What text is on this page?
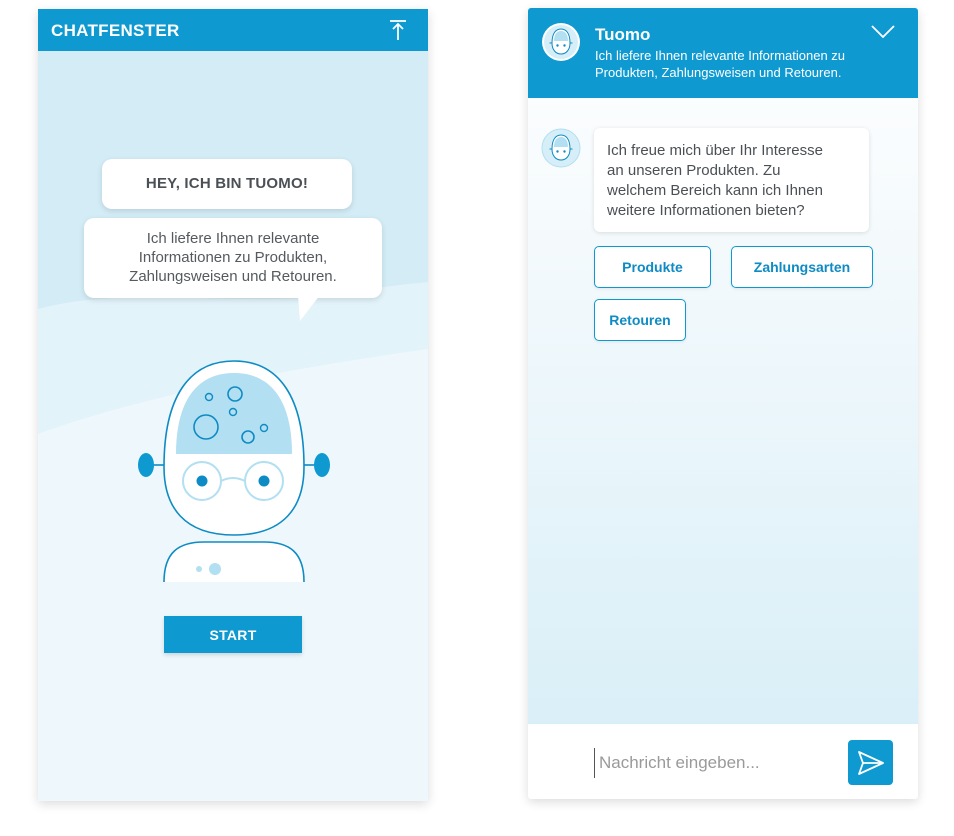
CHATFENSTER
HEY, ICH BIN TUOMO!
Ich liefere Ihnen relevante
Informationen zu Produkten,
Zahlungsweisen und Retouren.
START
Tuomo
Ich liefere Ihnen relevante Informationen zu
Produkten, Zahlungsweisen und Retouren.
Ich freue mich über Ihr Interesse
an unseren Produkten. Zu
welchem Bereich kann ich Ihnen
weitere Informationen bieten?
Produkte	Zahlungsarten
Retouren
Nachricht eingeben...
